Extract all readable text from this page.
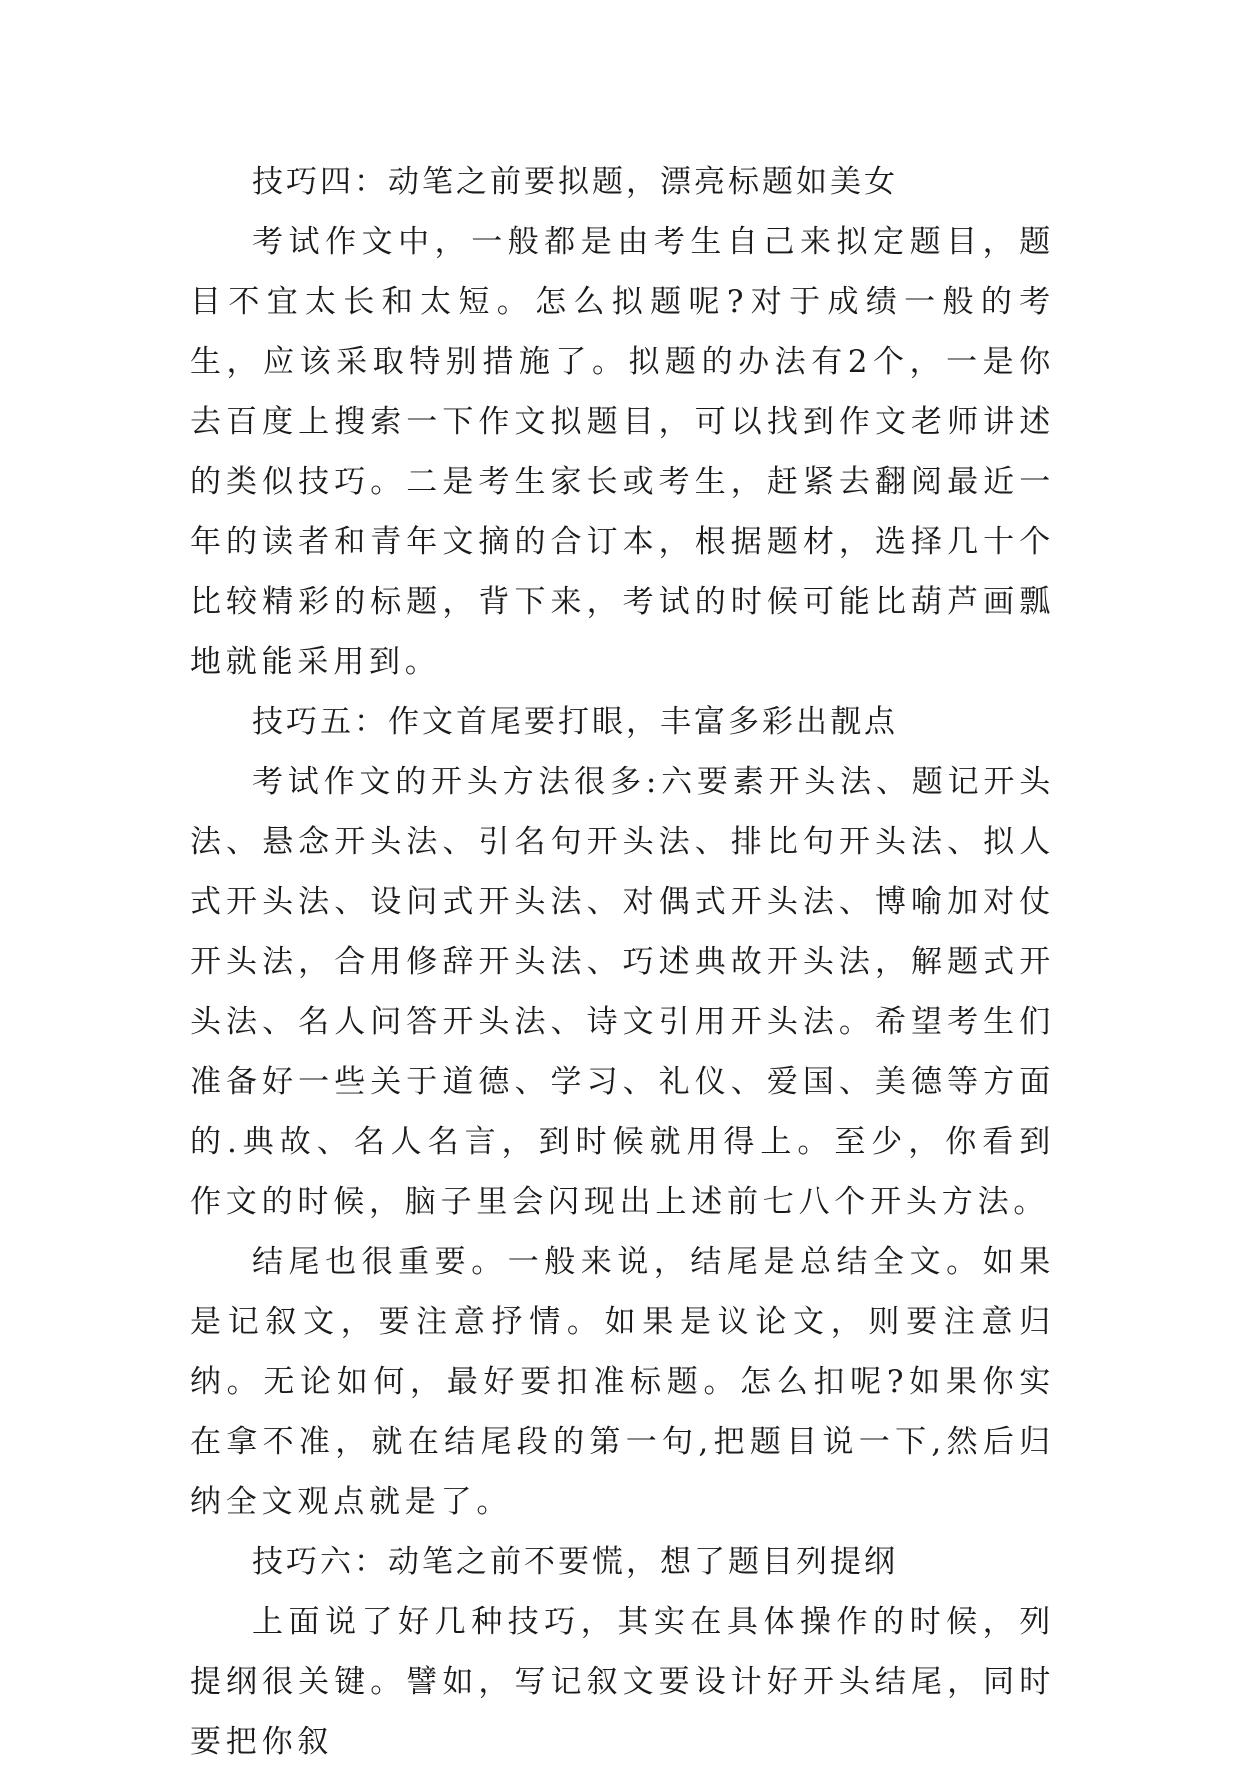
技巧四：动笔之前要拟题，漂亮标题如美女

考试作文中，一般都是由考生自己来拟定题目，题目不宜太长和太短。怎么拟题呢?对于成绩一般的考生，应该采取特别措施了。拟题的办法有2个，一是你去百度上搜索一下作文拟题目，可以找到作文老师讲述的类似技巧。二是考生家长或考生，赶紧去翻阅最近一年的读者和青年文摘的合订本，根据题材，选择几十个比较精彩的标题，背下来，考试的时候可能比葫芦画瓢地就能采用到。

技巧五：作文首尾要打眼，丰富多彩出靓点

考试作文的开头方法很多:六要素开头法、题记开头法、悬念开头法、引名句开头法、排比句开头法、拟人式开头法、设问式开头法、对偶式开头法、博喻加对仗开头法，合用修辞开头法、巧述典故开头法，解题式开头法、名人问答开头法、诗文引用开头法。希望考生们准备好一些关于道德、学习、礼仪、爱国、美德等方面的.典故、名人名言，到时候就用得上。至少，你看到作文的时候，脑子里会闪现出上述前七八个开头方法。

结尾也很重要。一般来说，结尾是总结全文。如果是记叙文，要注意抒情。如果是议论文，则要注意归纳。无论如何，最好要扣准标题。怎么扣呢?如果你实在拿不准，就在结尾段的第一句,把题目说一下,然后归纳全文观点就是了。

技巧六：动笔之前不要慌，想了题目列提纲

上面说了好几种技巧，其实在具体操作的时候，列提纲很关键。譬如，写记叙文要设计好开头结尾，同时要把你叙
